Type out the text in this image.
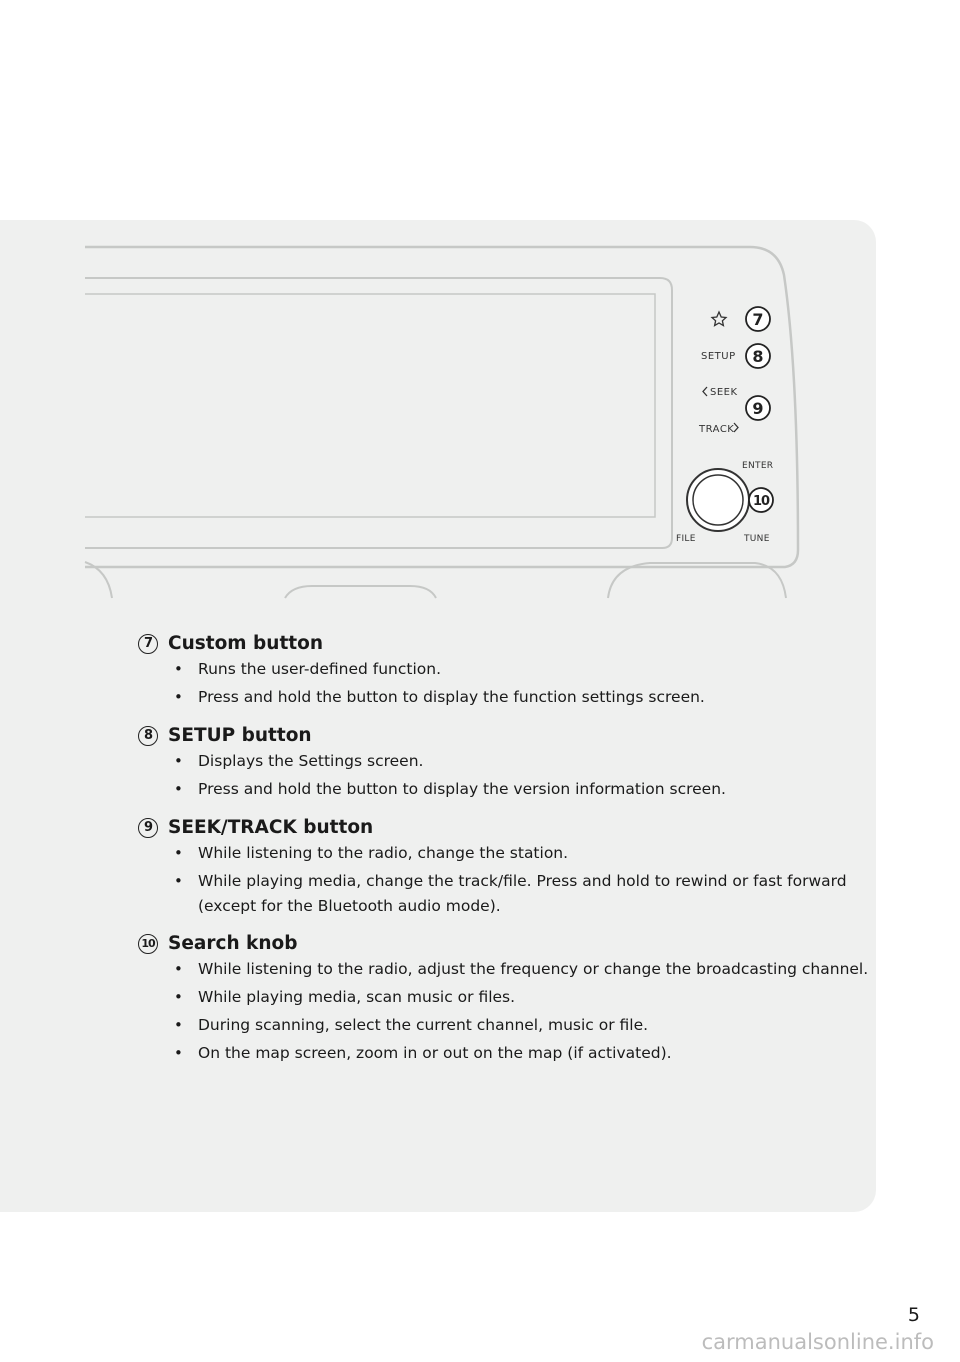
SETUP
SEEK
TRACK
ENTER
FILE	TUNE
7
8
9
10
7 Custom button
• Runs the user-defined function.
• Press and hold the button to display the function settings screen.
8 SETUP button
• Displays the Settings screen.
• Press and hold the button to display the version information screen.
9 SEEK/TRACK button
• While listening to the radio, change the station.
• While playing media, change the track/file. Press and hold to rewind or fast forward (except for the Bluetooth audio mode).
10 Search knob
• While listening to the radio, adjust the frequency or change the broadcasting channel.
• While playing media, scan music or files.
• During scanning, select the current channel, music or file.
• On the map screen, zoom in or out on the map (if activated).
5
carmanualsonline.info
